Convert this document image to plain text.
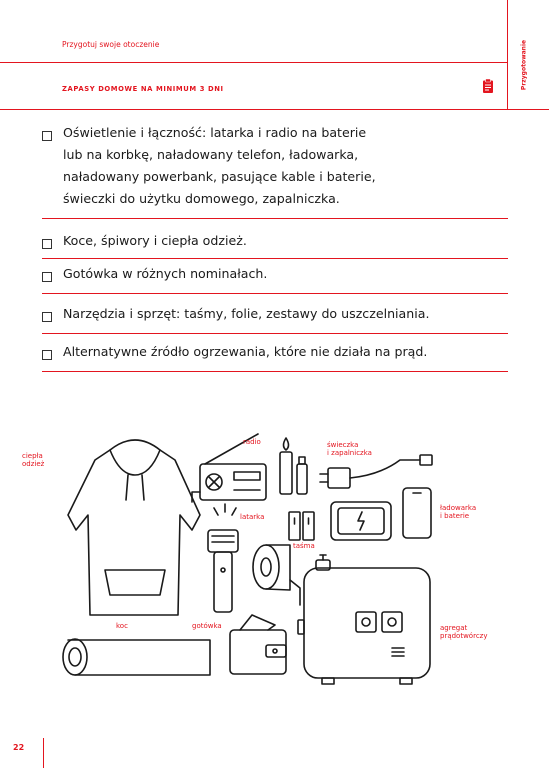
Przygotuj swoje otoczenie
ZAPASY DOMOWE NA MINIMUM 3 DNI	Przygotowanie
Oświetlenie i łączność: latarka i radio na baterie
lub na korbkę, naładowany telefon, ładowarka,
naładowany powerbank, pasujące kable i baterie,
świeczki do użytku domowego, zapalniczka.
Koce, śpiwory i ciepła odzież.
Gotówka w różnych nominałach.
Narzędzia i sprzęt: taśmy, folie, zestawy do uszczelniania.
Alternatywne źródło ogrzewania, które nie działa na prąd.
ciepła
odzież
radio	świeczka
i zapalniczka
ładowarka
i baterie
latarka
taśma
koc	gotówka	agregat
prądotwórczy
22
